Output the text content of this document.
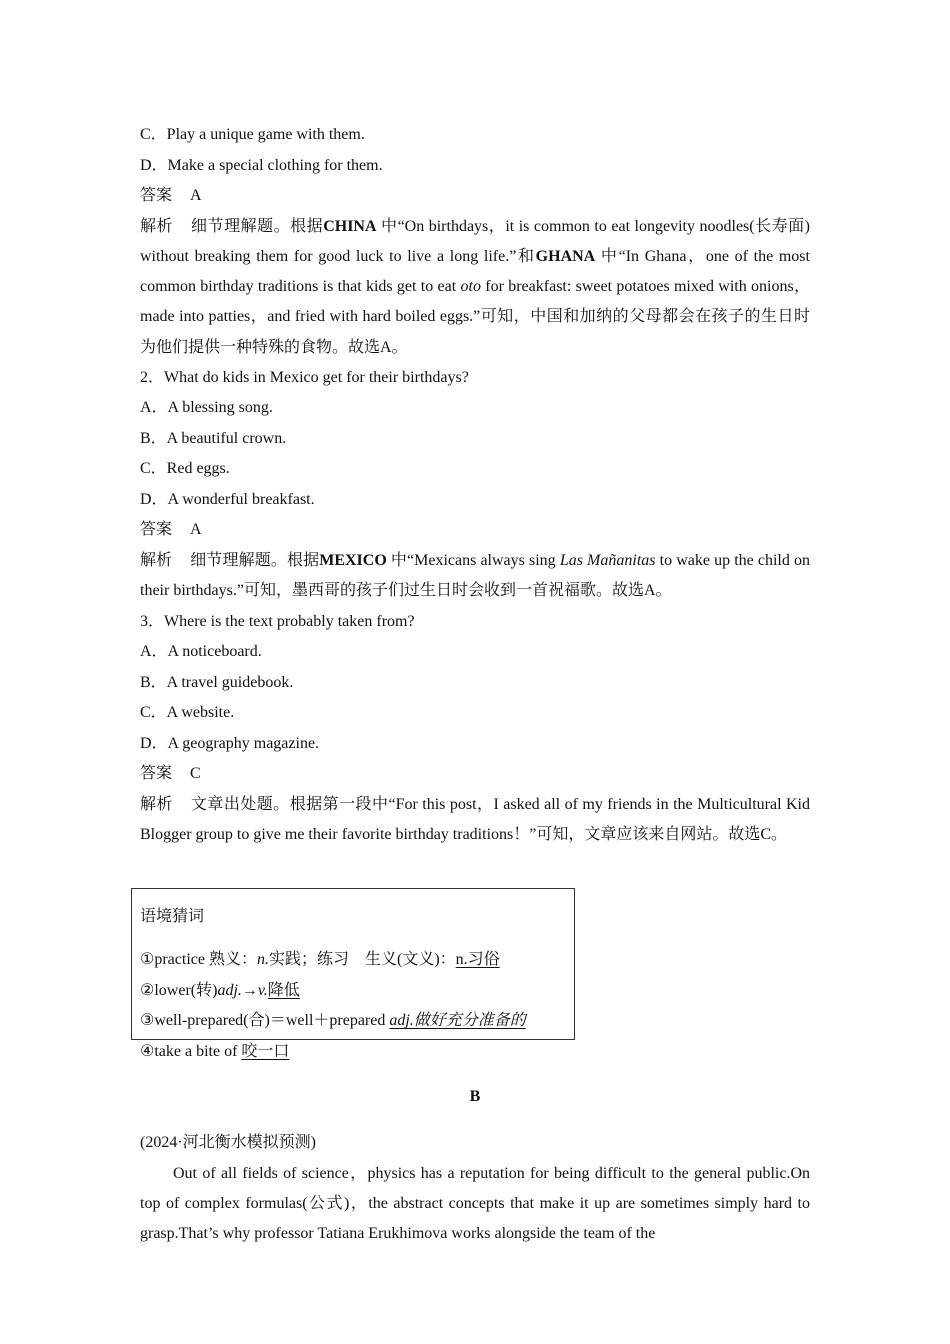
C．Play a unique game with them.

D．Make a special clothing for them.

答案 A

解析 细节理解题。根据CHINA 中“On birthdays，it is common to eat longevity noodles(长寿面) without breaking them for good luck to live a long life.”和GHANA 中“In Ghana，one of the most common birthday traditions is that kids get to eat oto for breakfast: sweet potatoes mixed with onions，made into patties，and fried with hard boiled eggs.”可知，中国和加纳的父母都会在孩子的生日时为他们提供一种特殊的食物。故选A。

2．What do kids in Mexico get for their birthdays?

A．A blessing song.

B．A beautiful crown.

C．Red eggs.

D．A wonderful breakfast.

答案 A

解析 细节理解题。根据MEXICO 中“Mexicans always sing Las Mañanitas to wake up the child on their birthdays.”可知，墨西哥的孩子们过生日时会收到一首祝福歌。故选A。

3．Where is the text probably taken from?

A．A noticeboard.

B．A travel guidebook.

C．A website.

D．A geography magazine.

答案 C

解析 文章出处题。根据第一段中“For this post，I asked all of my friends in the Multicultural Kid Blogger group to give me their favorite birthday traditions！”可知，文章应该来自网站。故选C。

语境猜词

①practice 熟义：n.实践；练习　生义(文义)：n.习俗

②lower(转)adj.→v.降低

③well-prepared(合)＝well＋prepared adj.做好充分准备的

④take a bite of 咬一口

B

(2024·河北衡水模拟预测)

Out of all fields of science，physics has a reputation for being difficult to the general public.On top of complex formulas(公式)，the abstract concepts that make it up are sometimes simply hard to grasp.That’s why professor Tatiana Erukhimova works alongside the team of the
